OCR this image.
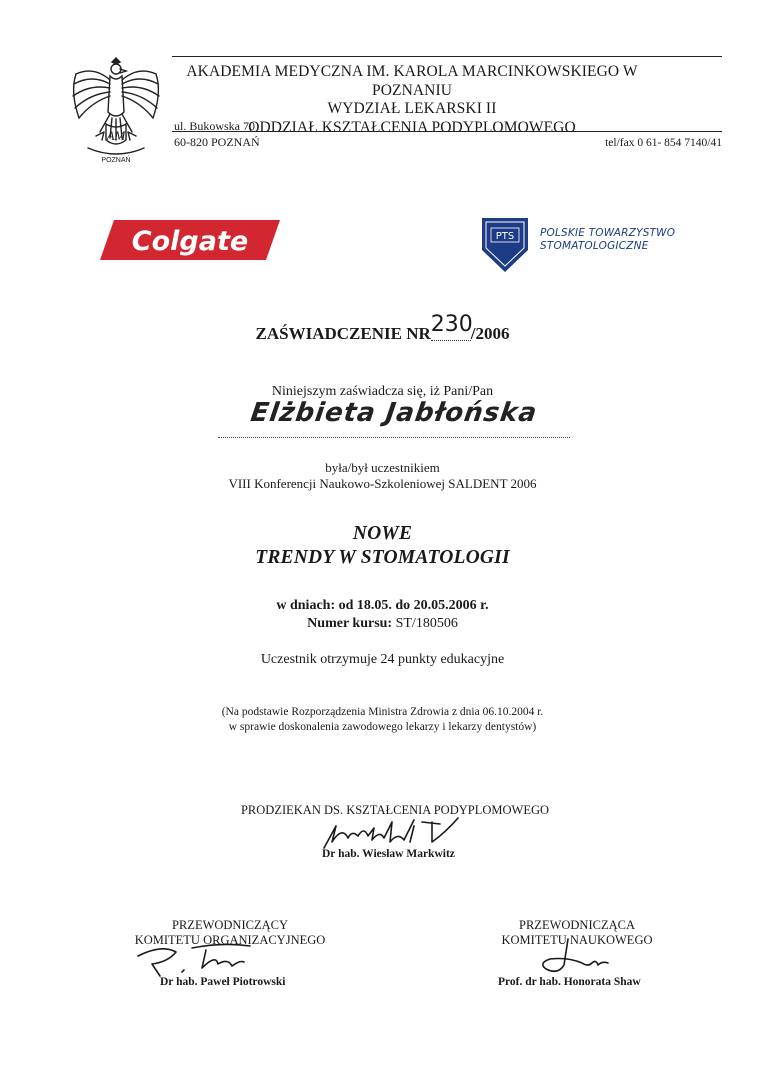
AM
POZNAŃ
AKADEMIA MEDYCZNA IM. KAROLA MARCINKOWSKIEGO W POZNANIU
WYDZIAŁ LEKARSKI II
ODDZIAŁ KSZTAŁCENIA PODYPLOMOWEGO
ul. Bukowska 70
60-820 POZNAŃ	tel/fax 0 61- 854 7140/41
Colgate	PTS POLSKIE TOWARZYSTWO
STOMATOLOGICZNE
ZAŚWIADCZENIE NR230/2006
Niniejszym zaświadcza się, iż Pani/Pan
Elżbieta Jabłońska
była/był uczestnikiem
VIII Konferencji Naukowo-Szkoleniowej SALDENT 2006
NOWE
TRENDY W STOMATOLOGII
w dniach: od 18.05. do 20.05.2006 r.
Numer kursu: ST/180506
Uczestnik otrzymuje 24 punkty edukacyjne
(Na podstawie Rozporządzenia Ministra Zdrowia z dnia 06.10.2004 r.
w sprawie doskonalenia zawodowego lekarzy i lekarzy dentystów)
PRODZIEKAN DS. KSZTAŁCENIA PODYPLOMOWEGO
Dr hab. Wiesław Markwitz
PRZEWODNICZĄCY
KOMITETU ORGANIZACYJNEGO
Dr hab. Paweł Piotrowski
PRZEWODNICZĄCA
KOMITETU NAUKOWEGO
Prof. dr hab. Honorata Shaw
